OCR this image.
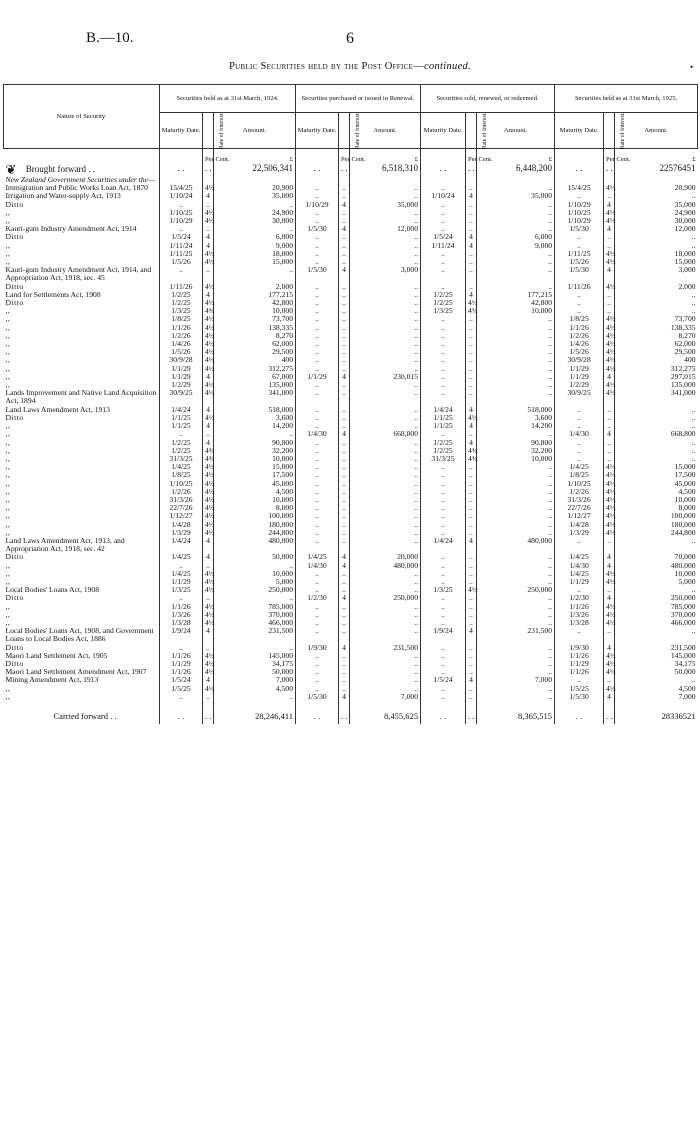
B.—10.	6
•
Public Securities held by the Post Office—continued.
Nature of Security.	Securities held as at 31st March, 1924.			Securities purchased or issued in Renewal.			Securities sold, renewed, or redeemed.			Securities held as at 31st March, 1925.		
	Maturity Date.	Rate of Interest.	Amount.	Maturity Date.	Rate of Interest.	Amount.	Maturity Date.	Rate of Interest.	Amount.	Maturity Date.	Rate of Interest.	Amount.
		Per Cent.	£		Per Cent.	£		Per Cent.	£		Per Cent.	£
❦ Brought forward . .	. .	. .	22,506,341	. .	. .	6,518,310	. .	. .	6,448,200	. .	. .	22576451
New Zealand Government Securities under the—												
Immigration and Public Works Loan Act, 1870	15/4/25	4½	20,900	..	..	..	..	..	..	15/4/25	4½	20,900
Irrigation and Water-supply Act, 1913	1/10/24	4	35,000	..	..	..	1/10/24	4	35,000	..	..	..
Ditto	..	..	..	1/10/29	4	35,000	..	..	..	1/10/29	4	35,000
,,	1/10/25	4½	24,900	..	..	..	..	..	..	1/10/25	4½	24,900
,,	1/10/29	4½	30,000	..	..	..	..	..	..	1/10/29	4½	30,000
Kauri-gum Industry Amendment Act, 1914	..	..	..	1/5/30	4	12,000	..	..	..	1/5/30	4	12,000
Ditto	1/5/24	4	6,000	..	..	..	1/5/24	4	6,000	..	..	..
,,	1/11/24	4	9,000	..	..	..	1/11/24	4	9,000	..	..	..
,,	1/11/25	4½	18,000	..	..	..	..	..	..	1/11/25	4½	18,000
,,	1/5/26	4½	15,000	..	..	..	..	..	..	1/5/26	4½	15,000
Kauri-gum Industry Amendment Act, 1914, and Appropriation Act, 1918, sec. 45	..	..	..	1/5/30	4	3,000	..	..	..	1/5/30	4	3,000
Ditto	1/11/26	4½	2,000	..	..	..	..	..	..	1/11/26	4½	2,000
Land for Settlements Act, 1908	1/2/25	4	177,215	..	..	..	1/2/25	4	177,215	..	..	..
Ditto	1/2/25	4½	42,800	..	..	..	1/2/25	4½	42,800	..	..	..
,,	1/3/25	4¾	10,000	..	..	..	1/3/25	4¾	10,000	..	..	..
,,	1/8/25	4½	73,700	..	..	..	..	..	..	1/8/25	4½	73,700
,,	1/1/26	4½	138,335	..	..	..	..	..	..	1/1/26	4½	138,335
,,	1/2/26	4½	8,270	..	..	..	..	..	..	1/2/26	4½	8,270
,,	1/4/26	4½	62,000	..	..	..	..	..	..	1/4/26	4½	62,000
,,	1/5/26	4½	29,500	..	..	..	..	..	..	1/5/26	4½	29,500
,,	30/9/28	4½	400	..	..	..	..	..	..	30/9/28	4½	400
,,	1/1/29	4½	312,275	..	..	..	..	..	..	1/1/29	4½	312,275
,,	1/1/29	4	67,000	1/1/29	4	230,015	..	..	..	1/1/29	4	297,015
,,	1/2/29	4½	135,000	..	..	..	..	..	..	1/2/29	4½	135,000
Lands Improvement and Native Land Acquisition Act, 1894	30/9/25	4½	341,000	..	..	..	..	..	..	30/9/25	4½	341,000
Land Laws Amendment Act, 1913	1/4/24	4	518,000	..	..	..	1/4/24	4	518,000	..	..	..
Ditto	1/1/25	4½	3,600	..	..	..	1/1/25	4½	3,600	..	..	..
,,	1/1/25	4	14,200	..	..	..	1/1/25	4	14,200	..	..	..
,,	..	..	..	1/4/30	4	668,800	..	..	..	1/4/30	4	668,800
,,	1/2/25	4	90,800	..	..	..	1/2/25	4	90,800	..	..	..
,,	1/2/25	4¾	32,200	..	..	..	1/2/25	4¾	32,200	..	..	..
,,	31/3/25	4¾	10,000	..	..	..	31/3/25	4¾	10,000	..	..	..
,,	1/4/25	4½	15,000	..	..	..	..	..	..	1/4/25	4½	15,000
,,	1/8/25	4½	17,500	..	..	..	..	..	..	1/8/25	4½	17,500
,,	1/10/25	4½	45,000	..	..	..	..	..	..	1/10/25	4½	45,000
,,	1/2/26	4½	4,500	..	..	..	..	..	..	1/2/26	4½	4,500
,,	31/3/26	4½	10,000	..	..	..	..	..	..	31/3/26	4½	10,000
,,	22/7/26	4½	8,000	..	..	..	..	..	..	22/7/26	4½	8,000
,,	1/12/27	4½	100,000	..	..	..	..	..	..	1/12/27	4½	100,000
,,	1/4/28	4½	180,000	..	..	..	..	..	..	1/4/28	4½	180,000
,,	1/3/29	4½	244,800	..	..	..	..	..	..	1/3/29	4½	244,800
Land Laws Amendment Act, 1913, and Appropriation Act, 1918, sec. 42	1/4/24	4	480,000	..	..	..	1/4/24	4	480,000	..	..	..
Ditto	1/4/25	4	50,000	1/4/25	4	20,000	..	..	..	1/4/25	4	70,000
,,	..	..	..	1/4/30	4	480,000	..	..	..	1/4/30	4	480,000
,,	1/4/25	4½	10,000	..	..	..	..	..	..	1/4/25	4½	10,000
,,	1/1/29	4½	5,000	..	..	..	..	..	..	1/1/29	4½	5,000
Local Bodies' Loans Act, 1908	1/3/25	4½	250,000	..	..	..	1/3/25	4½	250,000	..	..	..
Ditto	..	..	..	1/2/30	4	250,000	..	..	..	1/2/30	4	250,000
,,	1/1/26	4½	785,000	..	..	..	..	..	..	1/1/26	4½	785,000
,,	1/3/26	4½	370,000	..	..	..	..	..	..	1/3/26	4½	370,000
,,	1/3/28	4½	466,000	..	..	..	..	..	..	1/3/28	4½	466,000
Local Bodies' Loans Act, 1908, and Government Loans to Local Bodies Act, 1886	1/9/24	4	231,500	..	..	..	1/9/24	4	231,500	..	..	..
Ditto	..	..	..	1/9/30	4	231,500	..	..	..	1/9/30	4	231,500
Maori Land Settlement Act, 1905	1/1/26	4½	145,000	..	..	..	..	..	..	1/1/26	4½	145,000
Ditto	1/1/29	4½	34,175	..	..	..	..	..	..	1/1/29	4½	34,175
Maori Land Settlement Amendment Act, 1907	1/1/26	4½	50,000	..	..	..	..	..	..	1/1/26	4½	50,000
Mining Amendment Act, 1913	1/5/24	4	7,000	..	..	..	1/5/24	4	7,000	..	..	..
,,	1/5/25	4½	4,500	..	..	..	..	..	..	1/5/25	4½	4,500
,,	..	..	..	1/5/30	4	7,000	..	..	..	1/5/30	4	7,000

Carried forward . .	. .	. .	28,246,411	. .	. .	8,455,625	. .	. .	8,365,515	. .	. .	28336521
